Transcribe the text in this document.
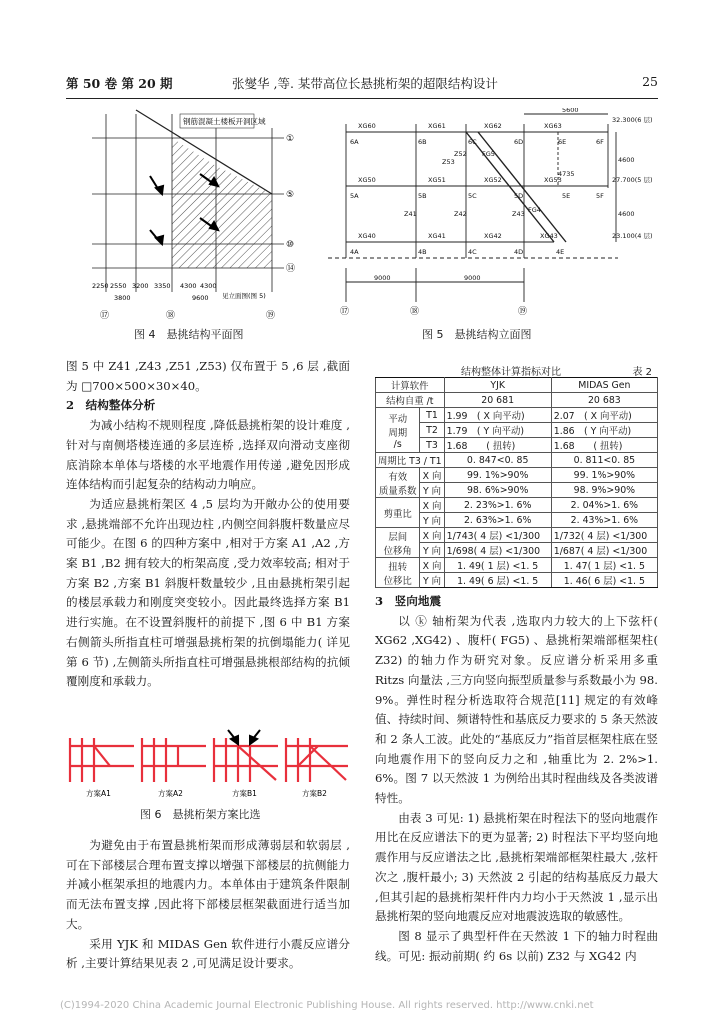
第 50 卷 第 20 期	张燮华 ,等. 某带高位长悬挑桁架的超限结构设计	25
钢筋混凝土楼板开洞区域
①
⑤
⑩
⑭
2250 2550 3200 3350 4300 4300
3800	9600 见立面图(图 5)
⑰	⑱	⑲
图 4　悬挑结构平面图
5600
32.300(6 层)
27.700(5 层)
23.100(4 层)
4600
4600
XG60	XG61	XG62	XG63
XG50	XG51	XG52	XG53
XG40	XG41	XG42	XG43
FG5
FG4
Z53
Z52
Z41	Z42	Z43
4735
6A	6B	6C	6D	6E	6F
5A	5B	5C	5D	5E	5F
4A	4B	4C	4D	4E
9000	9000
⑰	⑱	⑲
图 5　悬挑结构立面图

图 5 中 Z41 ,Z43 ,Z51 ,Z53) 仅布置于 5 ,6 层 ,截面为 □700×500×30×40。

2　结构整体分析

为减小结构不规则程度 ,降低悬挑桁架的设计难度 ,针对与南侧塔楼连通的多层连桥 ,选择双向滑动支座彻底消除本单体与塔楼的水平地震作用传递 ,避免因形成连体结构而引起复杂的结构动力响应。

为适应悬挑桁架区 4 ,5 层均为开敞办公的使用要求 ,悬挑端部不允许出现边柱 ,内侧空间斜腹杆数量应尽可能少。在图 6 的四种方案中 ,相对于方案 A1 ,A2 ,方案 B1 ,B2 拥有较大的桁架高度 ,受力效率较高; 相对于方案 B2 ,方案 B1 斜腹杆数量较少 ,且由悬挑桁架引起的楼层承载力和刚度突变较小。因此最终选择方案 B1 进行实施。在不设置斜腹杆的前提下 ,图 6 中 B1 方案右侧箭头所指直柱可增强悬挑桁架的抗倒塌能力( 详见第 6 节) ,左侧箭头所指直柱可增强悬挑根部结构的抗倾覆刚度和承载力。

方案A1	方案A2	方案B1	方案B2
图 6　悬挑桁架方案比选

为避免由于布置悬挑桁架而形成薄弱层和软弱层 ,可在下部楼层合理布置支撑以增强下部楼层的抗侧能力并减小框架承担的地震内力。本单体由于建筑条件限制而无法布置支撑 ,因此将下部楼层框架截面进行适当加大。

采用 YJK 和 MIDAS Gen 软件进行小震反应谱分析 ,主要计算结果见表 2 ,可见满足设计要求。

结构整体计算指标对比	表 2
计算软件		YJK	MIDAS Gen
结构自重 /t		20 681	20 683

平动
周期
/s	T1	1.99　( X 向平动)	2.07　( X 向平动)
	T2	1.79　( Y 向平动)	1.86　( Y 向平动)
	T3	1.68　　( 扭转)	1.68　　( 扭转)
周期比 T3 / T1		0. 847<0. 85	0. 811<0. 85

有效
质量系数	X 向	99. 1%>90%	99. 1%>90%
	Y 向	98. 6%>90%	98. 9%>90%
剪重比	X 向	2. 23%>1. 6%	2. 04%>1. 6%
	Y 向	2. 63%>1. 6%	2. 43%>1. 6%

层间
位移角	X 向	1/743( 4 层) <1/300	1/732( 4 层) <1/300
	Y 向	1/698( 4 层) <1/300	1/687( 4 层) <1/300

扭转
位移比	X 向	1. 49( 1 层) <1. 5	1. 47( 1 层) <1. 5
	Y 向	1. 49( 6 层) <1. 5	1. 46( 6 层) <1. 5

3　竖向地震

以 ⓚ 轴桁架为代表 ,选取内力较大的上下弦杆( XG62 ,XG42) 、腹杆( FG5) 、悬挑桁架端部框架柱( Z32) 的轴力作为研究对象。反应谱分析采用多重 Ritzs 向量法 ,三方向竖向振型质量参与系数最小为 98. 9%。弹性时程分析选取符合规范[11] 规定的有效峰值、持续时间、频谱特性和基底反力要求的 5 条天然波和 2 条人工波。此处的“基底反力”指首层框架柱底在竖向地震作用下的竖向反力之和 ,轴重比为 2. 2%>1. 6%。图 7 以天然波 1 为例给出其时程曲线及各类波谱特性。

由表 3 可见: 1) 悬挑桁架在时程法下的竖向地震作用比在反应谱法下的更为显著; 2) 时程法下平均竖向地震作用与反应谱法之比 ,悬挑桁架端部框架柱最大 ,弦杆次之 ,腹杆最小; 3) 天然波 2 引起的结构基底反力最大 ,但其引起的悬挑桁架杆件内力均小于天然波 1 ,显示出悬挑桁架的竖向地震反应对地震波选取的敏感性。

图 8 显示了典型杆件在天然波 1 下的轴力时程曲线。可见: 振动前期( 约 6s 以前) Z32 与 XG42 内

(C)1994-2020 China Academic Journal Electronic Publishing House. All rights reserved. http://www.cnki.net
